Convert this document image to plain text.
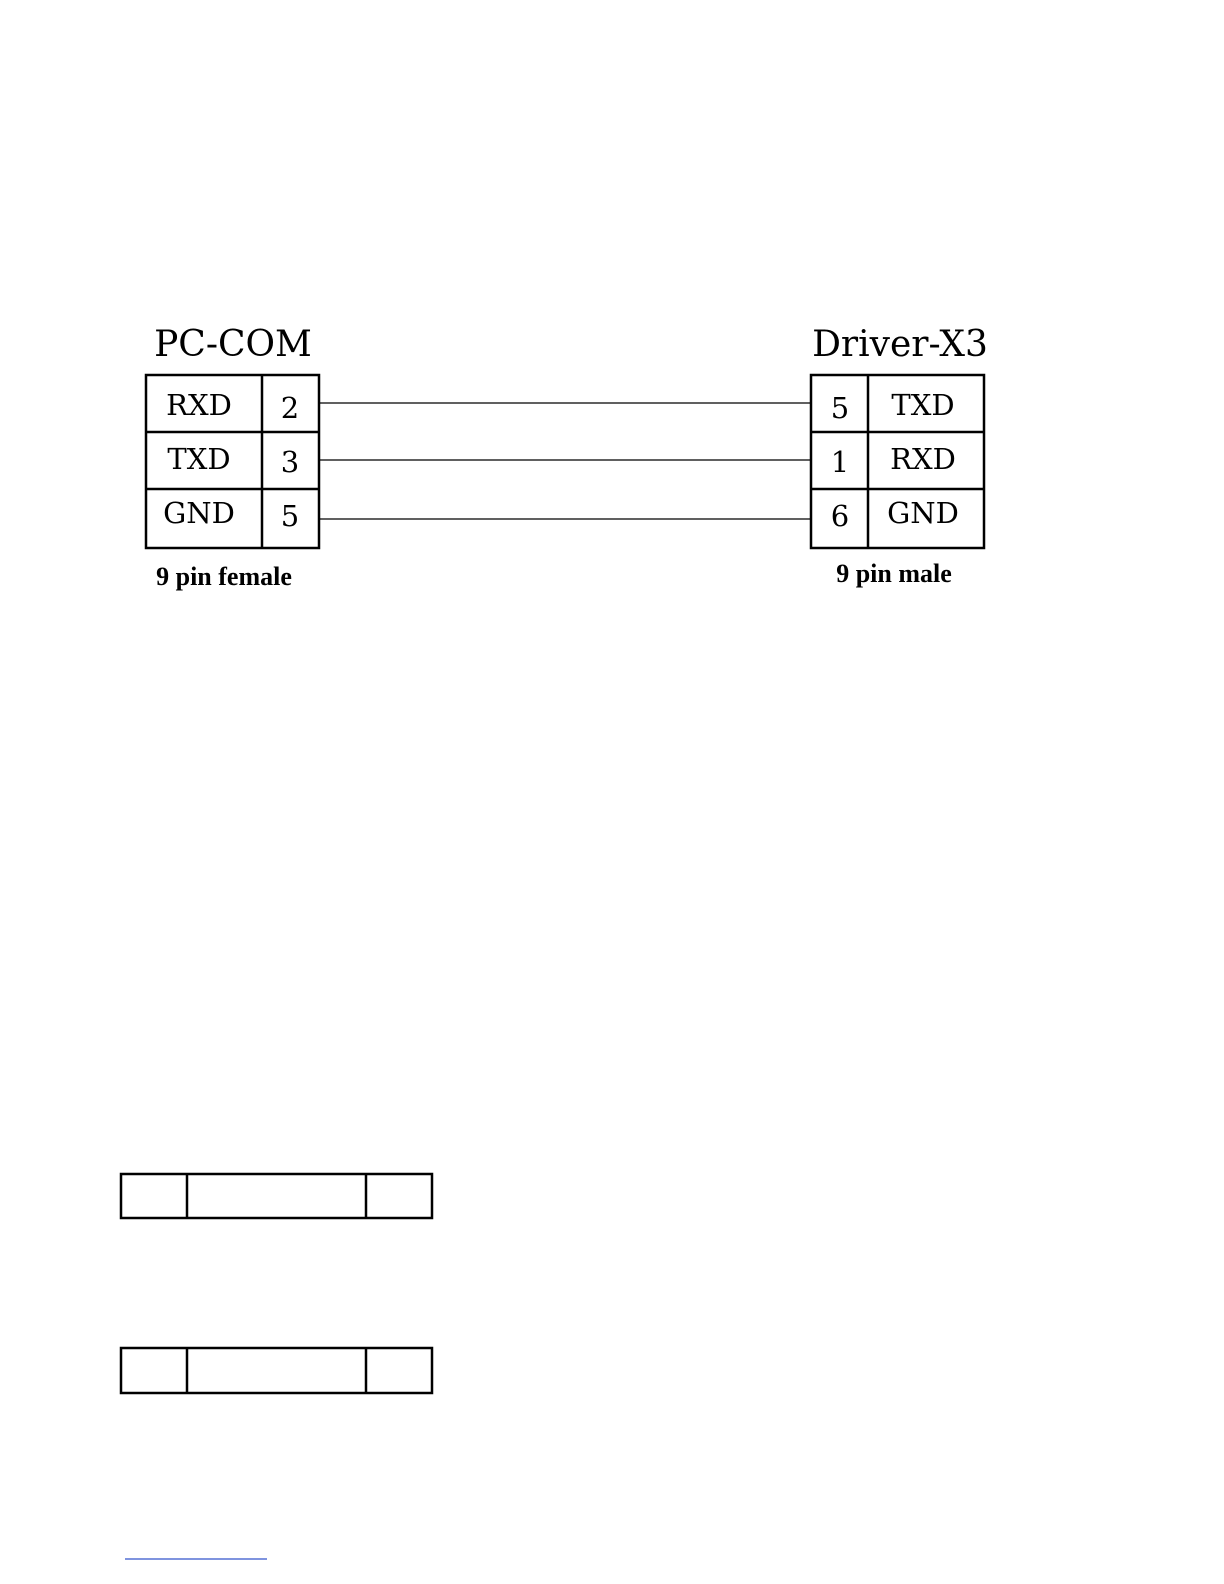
PC-COM
RXD
TXD
GND
2
3
5
9 pin female
Driver-X3
5
1
6
TXD
RXD
GND
9 pin male
